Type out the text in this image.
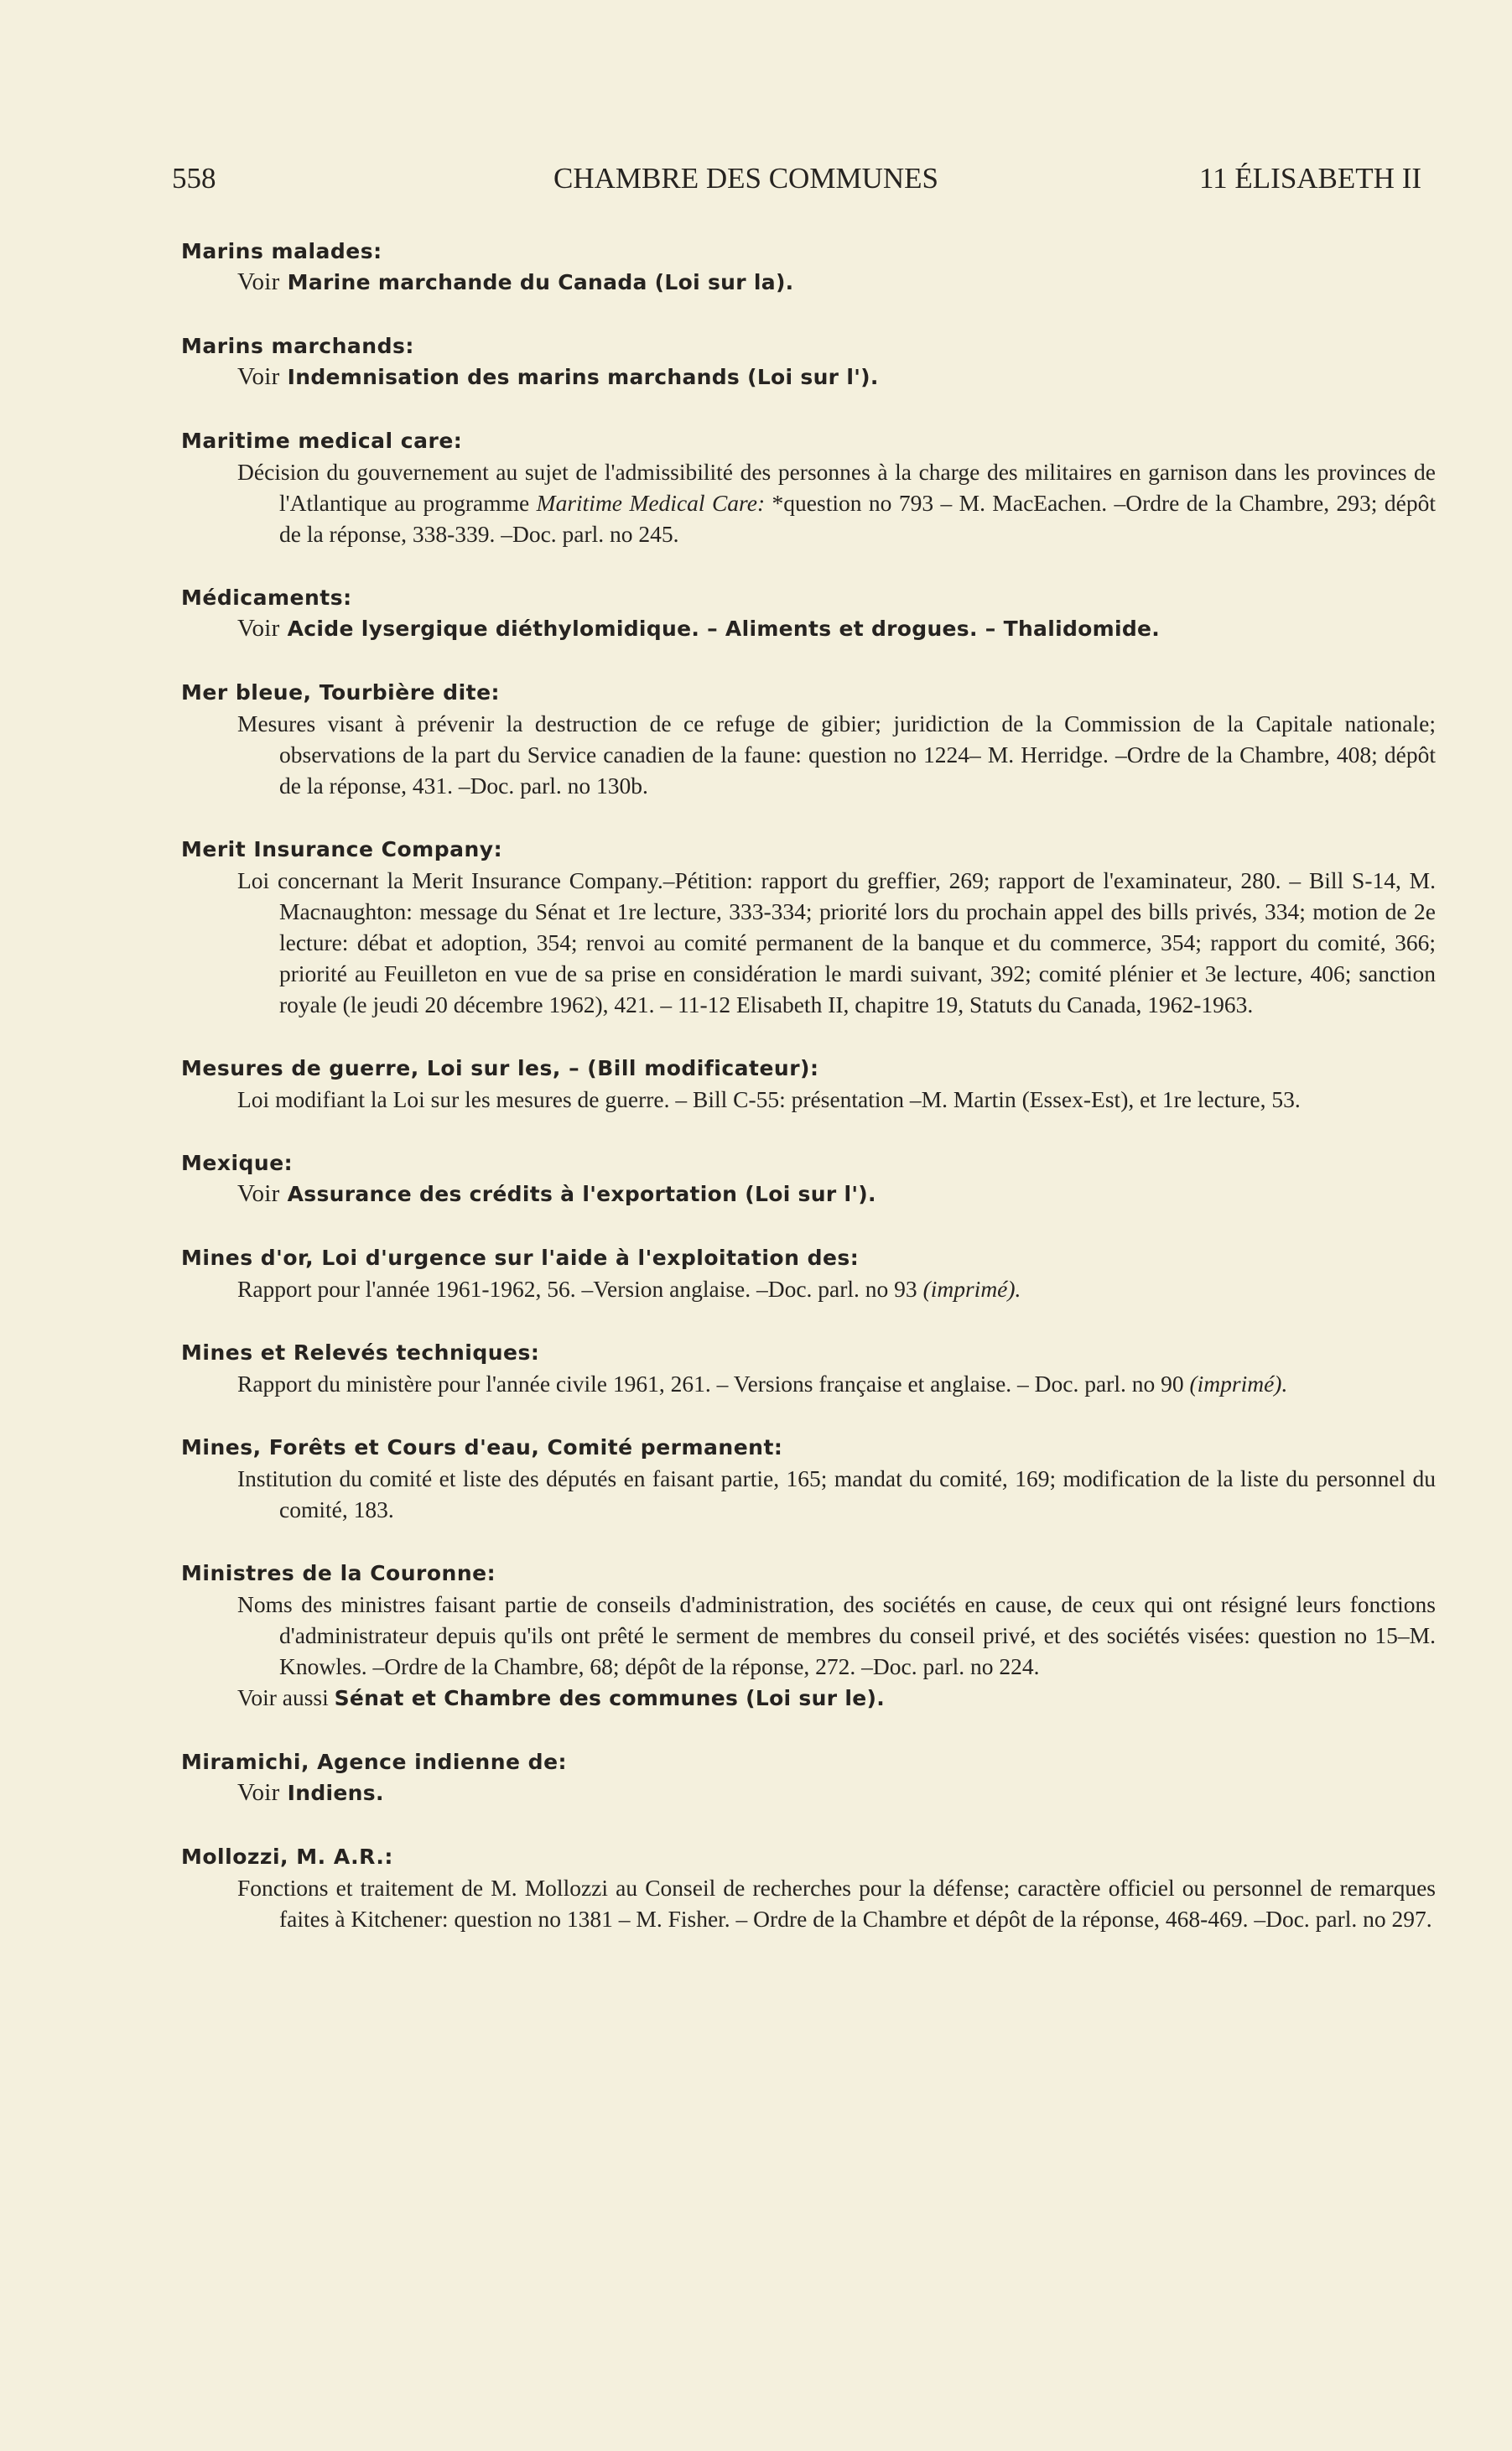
558	CHAMBRE DES COMMUNES	11 ÉLISABETH II

Marins malades:

Voir Marine marchande du Canada (Loi sur la).

Marins marchands:

Voir Indemnisation des marins marchands (Loi sur l').

Maritime medical care:

Décision du gouvernement au sujet de l'admissibilité des personnes à la charge des militaires en garnison dans les provinces de l'Atlantique au programme Maritime Medical Care: *question no 793 – M. MacEachen. –Ordre de la Chambre, 293; dépôt de la réponse, 338-339. –Doc. parl. no 245.

Médicaments:

Voir Acide lysergique diéthylomidique. – Aliments et drogues. – Thalidomide.

Mer bleue, Tourbière dite:

Mesures visant à prévenir la destruction de ce refuge de gibier; juridiction de la Commission de la Capitale nationale; observations de la part du Service canadien de la faune: question no 1224– M. Herridge. –Ordre de la Chambre, 408; dépôt de la réponse, 431. –Doc. parl. no 130b.

Merit Insurance Company:

Loi concernant la Merit Insurance Company.–Pétition: rapport du greffier, 269; rapport de l'examinateur, 280. – Bill S-14, M. Macnaughton: message du Sénat et 1re lecture, 333-334; priorité lors du prochain appel des bills privés, 334; motion de 2e lecture: débat et adoption, 354; renvoi au comité permanent de la banque et du commerce, 354; rapport du comité, 366; priorité au Feuilleton en vue de sa prise en considération le mardi suivant, 392; comité plénier et 3e lecture, 406; sanction royale (le jeudi 20 décembre 1962), 421. – 11-12 Elisabeth II, chapitre 19, Statuts du Canada, 1962-1963.

Mesures de guerre, Loi sur les, – (Bill modificateur):

Loi modifiant la Loi sur les mesures de guerre. – Bill C-55: présentation –M. Martin (Essex-Est), et 1re lecture, 53.

Mexique:

Voir Assurance des crédits à l'exportation (Loi sur l').

Mines d'or, Loi d'urgence sur l'aide à l'exploitation des:

Rapport pour l'année 1961-1962, 56. –Version anglaise. –Doc. parl. no 93 (imprimé).

Mines et Relevés techniques:

Rapport du ministère pour l'année civile 1961, 261. – Versions française et anglaise. – Doc. parl. no 90 (imprimé).

Mines, Forêts et Cours d'eau, Comité permanent:

Institution du comité et liste des députés en faisant partie, 165; mandat du comité, 169; modification de la liste du personnel du comité, 183.

Ministres de la Couronne:

Noms des ministres faisant partie de conseils d'administration, des sociétés en cause, de ceux qui ont résigné leurs fonctions d'administrateur depuis qu'ils ont prêté le serment de membres du conseil privé, et des sociétés visées: question no 15–M. Knowles. –Ordre de la Chambre, 68; dépôt de la réponse, 272. –Doc. parl. no 224.

Voir aussi Sénat et Chambre des communes (Loi sur le).

Miramichi, Agence indienne de:

Voir Indiens.

Mollozzi, M. A.R.:

Fonctions et traitement de M. Mollozzi au Conseil de recherches pour la défense; caractère officiel ou personnel de remarques faites à Kitchener: question no 1381 – M. Fisher. – Ordre de la Chambre et dépôt de la réponse, 468-469. –Doc. parl. no 297.
